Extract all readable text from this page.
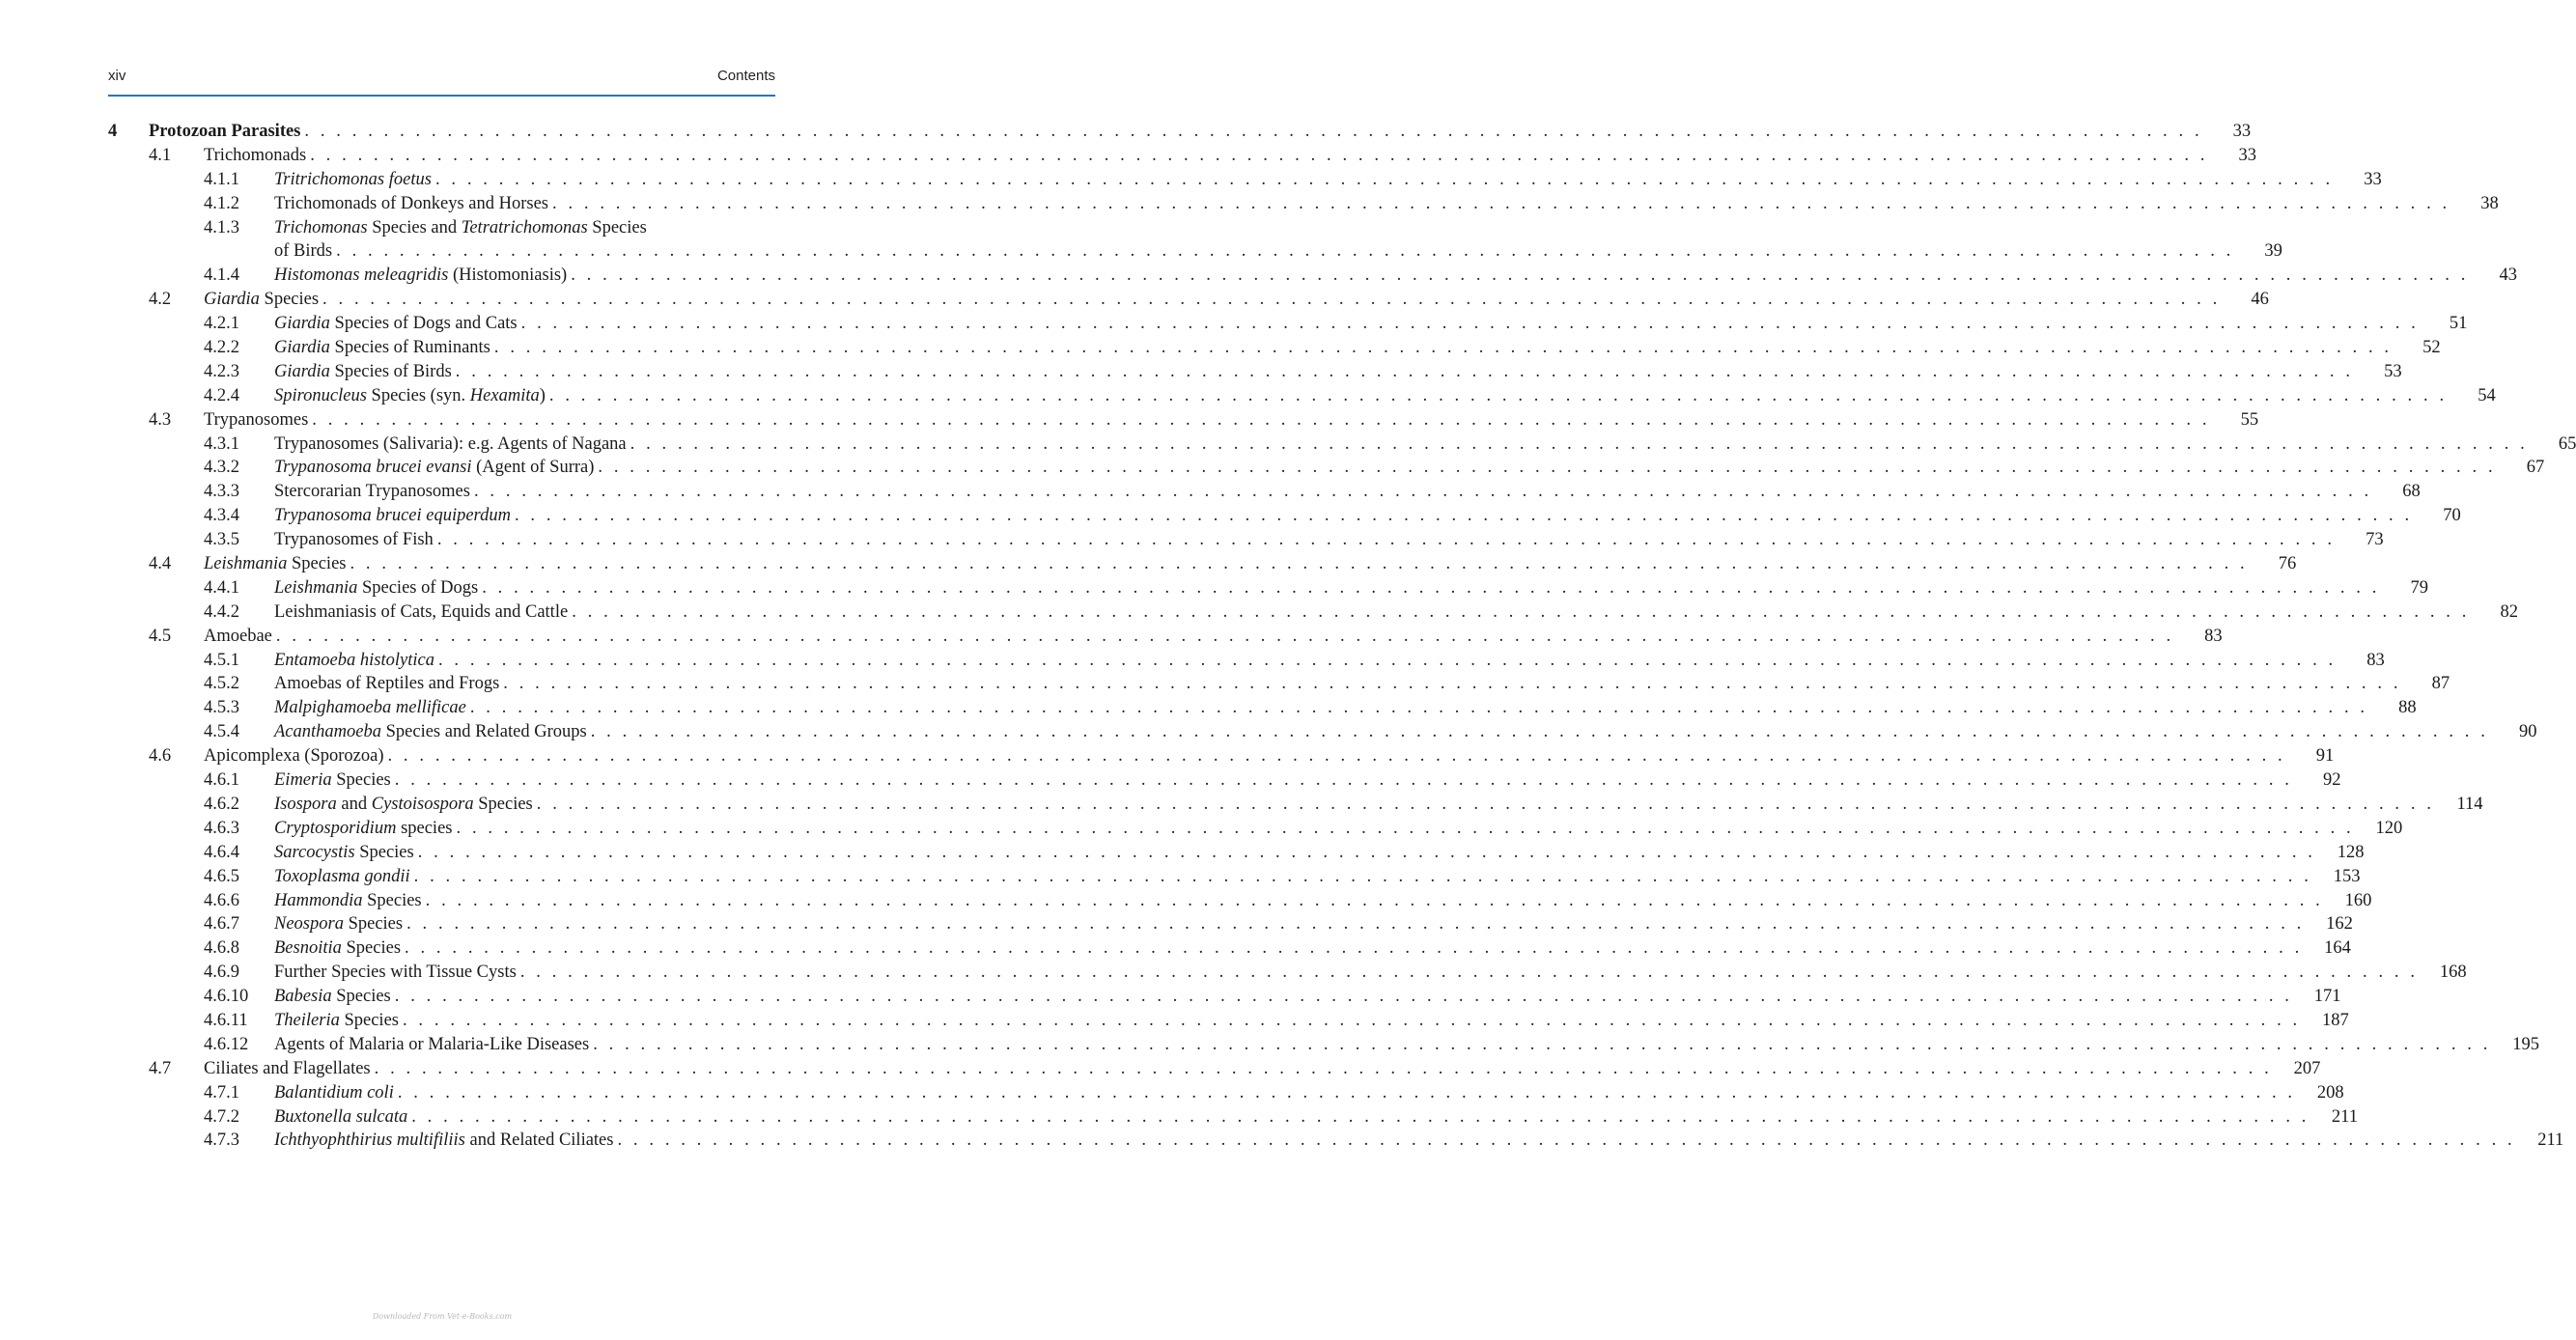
xiv	Contents
4	Protozoan Parasites . . . . . . . . . . . . . . . . . . . . . . . . . . . . . . . . . . . . . . . . . . . . . . . . . . . . . . . . . . . . . . . . . . . . . . . . . . . . . . . . . . . . . . . . . . . . . . . . . . . . . . . . . . . . . . . . . . . . . . . .	33
4.1	Trichomonads . . . . . . . . . . . . . . . . . . . . . . . . . . . . . . . . . . . . . . . . . . . . . . . . . . . . . . . . . . . . . . . . . . . . . . . . . . . . . . . . . . . . . . . . . . . . . . . . . . . . . . . . . . . . . . . . . . . . . . . .	33
4.1.1	Tritrichomonas foetus . . . . . . . . . . . . . . . . . . . . . . . . . . . . . . . . . . . . . . . . . . . . . . . . . . . . . . . . . . . . . . . . . . . . . . . . . . . . . . . . . . . . . . . . . . . . . . . . . . . . . . . . . . . . . . . . . . . . . . . .	33
4.1.2	Trichomonads of Donkeys and Horses . . . . . . . . . . . . . . . . . . . . . . . . . . . . . . . . . . . . . . . . . . . . . . . . . . . . . . . . . . . . . . . . . . . . . . . . . . . . . . . . . . . . . . . . . . . . . . . . . . . . . . . . . . . . . . . . . . . . . . . .	38
4.1.3	Trichomonas Species and Tetratrichomonas Species
of Birds . . . . . . . . . . . . . . . . . . . . . . . . . . . . . . . . . . . . . . . . . . . . . . . . . . . . . . . . . . . . . . . . . . . . . . . . . . . . . . . . . . . . . . . . . . . . . . . . . . . . . . . . . . . . . . . . . . . . . . . .	39
4.1.4	Histomonas meleagridis (Histomoniasis) . . . . . . . . . . . . . . . . . . . . . . . . . . . . . . . . . . . . . . . . . . . . . . . . . . . . . . . . . . . . . . . . . . . . . . . . . . . . . . . . . . . . . . . . . . . . . . . . . . . . . . . . . . . . . . . . . . . . . . . .	43
4.2	Giardia Species . . . . . . . . . . . . . . . . . . . . . . . . . . . . . . . . . . . . . . . . . . . . . . . . . . . . . . . . . . . . . . . . . . . . . . . . . . . . . . . . . . . . . . . . . . . . . . . . . . . . . . . . . . . . . . . . . . . . . . . .	46
4.2.1	Giardia Species of Dogs and Cats . . . . . . . . . . . . . . . . . . . . . . . . . . . . . . . . . . . . . . . . . . . . . . . . . . . . . . . . . . . . . . . . . . . . . . . . . . . . . . . . . . . . . . . . . . . . . . . . . . . . . . . . . . . . . . . . . . . . . . . .	51
4.2.2	Giardia Species of Ruminants . . . . . . . . . . . . . . . . . . . . . . . . . . . . . . . . . . . . . . . . . . . . . . . . . . . . . . . . . . . . . . . . . . . . . . . . . . . . . . . . . . . . . . . . . . . . . . . . . . . . . . . . . . . . . . . . . . . . . . . .	52
4.2.3	Giardia Species of Birds . . . . . . . . . . . . . . . . . . . . . . . . . . . . . . . . . . . . . . . . . . . . . . . . . . . . . . . . . . . . . . . . . . . . . . . . . . . . . . . . . . . . . . . . . . . . . . . . . . . . . . . . . . . . . . . . . . . . . . . .	53
4.2.4	Spironucleus Species (syn. Hexamita) . . . . . . . . . . . . . . . . . . . . . . . . . . . . . . . . . . . . . . . . . . . . . . . . . . . . . . . . . . . . . . . . . . . . . . . . . . . . . . . . . . . . . . . . . . . . . . . . . . . . . . . . . . . . . . . . . . . . . . . .	54
4.3	Trypanosomes . . . . . . . . . . . . . . . . . . . . . . . . . . . . . . . . . . . . . . . . . . . . . . . . . . . . . . . . . . . . . . . . . . . . . . . . . . . . . . . . . . . . . . . . . . . . . . . . . . . . . . . . . . . . . . . . . . . . . . . .	55
4.3.1	Trypanosomes (Salivaria): e.g. Agents of Nagana . . . . . . . . . . . . . . . . . . . . . . . . . . . . . . . . . . . . . . . . . . . . . . . . . . . . . . . . . . . . . . . . . . . . . . . . . . . . . . . . . . . . . . . . . . . . . . . . . . . . . . . . . . . . . . . . . . . . . . . .	65
4.3.2	Trypanosoma brucei evansi (Agent of Surra) . . . . . . . . . . . . . . . . . . . . . . . . . . . . . . . . . . . . . . . . . . . . . . . . . . . . . . . . . . . . . . . . . . . . . . . . . . . . . . . . . . . . . . . . . . . . . . . . . . . . . . . . . . . . . . . . . . . . . . . .	67
4.3.3	Stercorarian Trypanosomes . . . . . . . . . . . . . . . . . . . . . . . . . . . . . . . . . . . . . . . . . . . . . . . . . . . . . . . . . . . . . . . . . . . . . . . . . . . . . . . . . . . . . . . . . . . . . . . . . . . . . . . . . . . . . . . . . . . . . . . .	68
4.3.4	Trypanosoma brucei equiperdum . . . . . . . . . . . . . . . . . . . . . . . . . . . . . . . . . . . . . . . . . . . . . . . . . . . . . . . . . . . . . . . . . . . . . . . . . . . . . . . . . . . . . . . . . . . . . . . . . . . . . . . . . . . . . . . . . . . . . . . .	70
4.3.5	Trypanosomes of Fish . . . . . . . . . . . . . . . . . . . . . . . . . . . . . . . . . . . . . . . . . . . . . . . . . . . . . . . . . . . . . . . . . . . . . . . . . . . . . . . . . . . . . . . . . . . . . . . . . . . . . . . . . . . . . . . . . . . . . . . .	73
4.4	Leishmania Species . . . . . . . . . . . . . . . . . . . . . . . . . . . . . . . . . . . . . . . . . . . . . . . . . . . . . . . . . . . . . . . . . . . . . . . . . . . . . . . . . . . . . . . . . . . . . . . . . . . . . . . . . . . . . . . . . . . . . . . .	76
4.4.1	Leishmania Species of Dogs . . . . . . . . . . . . . . . . . . . . . . . . . . . . . . . . . . . . . . . . . . . . . . . . . . . . . . . . . . . . . . . . . . . . . . . . . . . . . . . . . . . . . . . . . . . . . . . . . . . . . . . . . . . . . . . . . . . . . . . .	79
4.4.2	Leishmaniasis of Cats, Equids and Cattle . . . . . . . . . . . . . . . . . . . . . . . . . . . . . . . . . . . . . . . . . . . . . . . . . . . . . . . . . . . . . . . . . . . . . . . . . . . . . . . . . . . . . . . . . . . . . . . . . . . . . . . . . . . . . . . . . . . . . . . .	82
4.5	Amoebae . . . . . . . . . . . . . . . . . . . . . . . . . . . . . . . . . . . . . . . . . . . . . . . . . . . . . . . . . . . . . . . . . . . . . . . . . . . . . . . . . . . . . . . . . . . . . . . . . . . . . . . . . . . . . . . . . . . . . . . .	83
4.5.1	Entamoeba histolytica . . . . . . . . . . . . . . . . . . . . . . . . . . . . . . . . . . . . . . . . . . . . . . . . . . . . . . . . . . . . . . . . . . . . . . . . . . . . . . . . . . . . . . . . . . . . . . . . . . . . . . . . . . . . . . . . . . . . . . . .	83
4.5.2	Amoebas of Reptiles and Frogs . . . . . . . . . . . . . . . . . . . . . . . . . . . . . . . . . . . . . . . . . . . . . . . . . . . . . . . . . . . . . . . . . . . . . . . . . . . . . . . . . . . . . . . . . . . . . . . . . . . . . . . . . . . . . . . . . . . . . . . .	87
4.5.3	Malpighamoeba mellificae . . . . . . . . . . . . . . . . . . . . . . . . . . . . . . . . . . . . . . . . . . . . . . . . . . . . . . . . . . . . . . . . . . . . . . . . . . . . . . . . . . . . . . . . . . . . . . . . . . . . . . . . . . . . . . . . . . . . . . . .	88
4.5.4	Acanthamoeba Species and Related Groups . . . . . . . . . . . . . . . . . . . . . . . . . . . . . . . . . . . . . . . . . . . . . . . . . . . . . . . . . . . . . . . . . . . . . . . . . . . . . . . . . . . . . . . . . . . . . . . . . . . . . . . . . . . . . . . . . . . . . . . .	90
4.6	Apicomplexa (Sporozoa) . . . . . . . . . . . . . . . . . . . . . . . . . . . . . . . . . . . . . . . . . . . . . . . . . . . . . . . . . . . . . . . . . . . . . . . . . . . . . . . . . . . . . . . . . . . . . . . . . . . . . . . . . . . . . . . . . . . . . . . .	91
4.6.1	Eimeria Species . . . . . . . . . . . . . . . . . . . . . . . . . . . . . . . . . . . . . . . . . . . . . . . . . . . . . . . . . . . . . . . . . . . . . . . . . . . . . . . . . . . . . . . . . . . . . . . . . . . . . . . . . . . . . . . . . . . . . . . .	92
4.6.2	Isospora and Cystoisospora Species . . . . . . . . . . . . . . . . . . . . . . . . . . . . . . . . . . . . . . . . . . . . . . . . . . . . . . . . . . . . . . . . . . . . . . . . . . . . . . . . . . . . . . . . . . . . . . . . . . . . . . . . . . . . . . . . . . . . . . . .	114
4.6.3	Cryptosporidium species . . . . . . . . . . . . . . . . . . . . . . . . . . . . . . . . . . . . . . . . . . . . . . . . . . . . . . . . . . . . . . . . . . . . . . . . . . . . . . . . . . . . . . . . . . . . . . . . . . . . . . . . . . . . . . . . . . . . . . . .	120
4.6.4	Sarcocystis Species . . . . . . . . . . . . . . . . . . . . . . . . . . . . . . . . . . . . . . . . . . . . . . . . . . . . . . . . . . . . . . . . . . . . . . . . . . . . . . . . . . . . . . . . . . . . . . . . . . . . . . . . . . . . . . . . . . . . . . . .	128
4.6.5	Toxoplasma gondii . . . . . . . . . . . . . . . . . . . . . . . . . . . . . . . . . . . . . . . . . . . . . . . . . . . . . . . . . . . . . . . . . . . . . . . . . . . . . . . . . . . . . . . . . . . . . . . . . . . . . . . . . . . . . . . . . . . . . . . .	153
4.6.6	Hammondia Species . . . . . . . . . . . . . . . . . . . . . . . . . . . . . . . . . . . . . . . . . . . . . . . . . . . . . . . . . . . . . . . . . . . . . . . . . . . . . . . . . . . . . . . . . . . . . . . . . . . . . . . . . . . . . . . . . . . . . . . .	160
4.6.7	Neospora Species . . . . . . . . . . . . . . . . . . . . . . . . . . . . . . . . . . . . . . . . . . . . . . . . . . . . . . . . . . . . . . . . . . . . . . . . . . . . . . . . . . . . . . . . . . . . . . . . . . . . . . . . . . . . . . . . . . . . . . . .	162
4.6.8	Besnoitia Species . . . . . . . . . . . . . . . . . . . . . . . . . . . . . . . . . . . . . . . . . . . . . . . . . . . . . . . . . . . . . . . . . . . . . . . . . . . . . . . . . . . . . . . . . . . . . . . . . . . . . . . . . . . . . . . . . . . . . . . .	164
4.6.9	Further Species with Tissue Cysts . . . . . . . . . . . . . . . . . . . . . . . . . . . . . . . . . . . . . . . . . . . . . . . . . . . . . . . . . . . . . . . . . . . . . . . . . . . . . . . . . . . . . . . . . . . . . . . . . . . . . . . . . . . . . . . . . . . . . . . .	168
4.6.10	Babesia Species . . . . . . . . . . . . . . . . . . . . . . . . . . . . . . . . . . . . . . . . . . . . . . . . . . . . . . . . . . . . . . . . . . . . . . . . . . . . . . . . . . . . . . . . . . . . . . . . . . . . . . . . . . . . . . . . . . . . . . . .	171
4.6.11	Theileria Species . . . . . . . . . . . . . . . . . . . . . . . . . . . . . . . . . . . . . . . . . . . . . . . . . . . . . . . . . . . . . . . . . . . . . . . . . . . . . . . . . . . . . . . . . . . . . . . . . . . . . . . . . . . . . . . . . . . . . . . .	187
4.6.12	Agents of Malaria or Malaria-Like Diseases . . . . . . . . . . . . . . . . . . . . . . . . . . . . . . . . . . . . . . . . . . . . . . . . . . . . . . . . . . . . . . . . . . . . . . . . . . . . . . . . . . . . . . . . . . . . . . . . . . . . . . . . . . . . . . . . . . . . . . . .	195
4.7	Ciliates and Flagellates . . . . . . . . . . . . . . . . . . . . . . . . . . . . . . . . . . . . . . . . . . . . . . . . . . . . . . . . . . . . . . . . . . . . . . . . . . . . . . . . . . . . . . . . . . . . . . . . . . . . . . . . . . . . . . . . . . . . . . . .	207
4.7.1	Balantidium coli . . . . . . . . . . . . . . . . . . . . . . . . . . . . . . . . . . . . . . . . . . . . . . . . . . . . . . . . . . . . . . . . . . . . . . . . . . . . . . . . . . . . . . . . . . . . . . . . . . . . . . . . . . . . . . . . . . . . . . . .	208
4.7.2	Buxtonella sulcata . . . . . . . . . . . . . . . . . . . . . . . . . . . . . . . . . . . . . . . . . . . . . . . . . . . . . . . . . . . . . . . . . . . . . . . . . . . . . . . . . . . . . . . . . . . . . . . . . . . . . . . . . . . . . . . . . . . . . . . .	211
4.7.3	Ichthyophthirius multifiliis and Related Ciliates . . . . . . . . . . . . . . . . . . . . . . . . . . . . . . . . . . . . . . . . . . . . . . . . . . . . . . . . . . . . . . . . . . . . . . . . . . . . . . . . . . . . . . . . . . . . . . . . . . . . . . . . . . . . . . . . . . . . . . . .	211
Downloaded From Vet-e-Books.com
